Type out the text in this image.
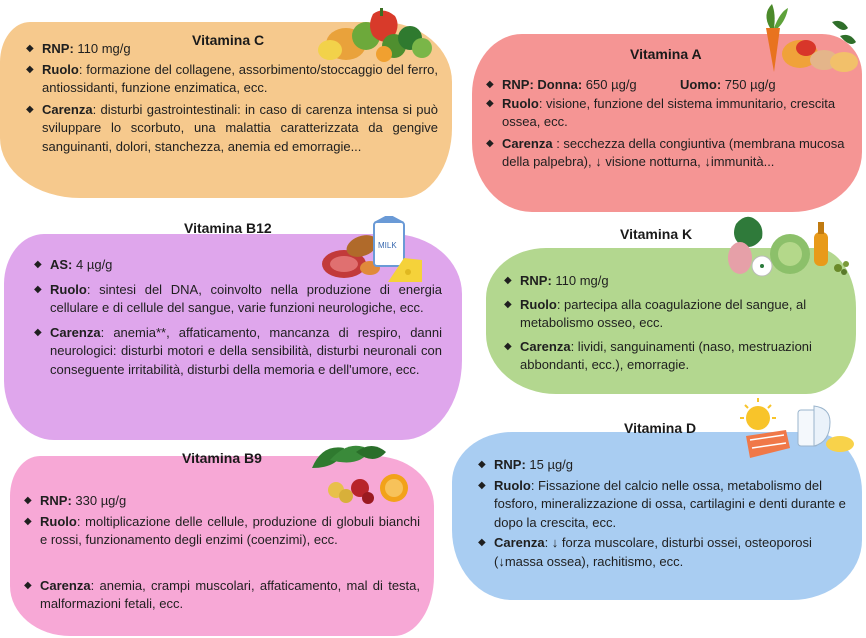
Vitamina C
◆ RNP: 110 mg/g
◆ Ruolo: formazione del collagene, assorbimento/stoccaggio del ferro, antiossidanti, funzione enzimatica, ecc.
◆ Carenza: disturbi gastrointestinali: in caso di carenza intensa si può sviluppare lo scorbuto, una malattia caratterizzata da gengive sanguinanti, dolori, stanchezza, anemia ed emorragie...
Vitamina A
◆ RNP: Donna: 650 µg/g	Uomo: 750 µg/g
◆ Ruolo: visione, funzione del sistema immunitario, crescita ossea, ecc.
◆ Carenza : secchezza della congiuntiva (membrana mucosa della palpebra), ↓ visione notturna, ↓immunità...
Vitamina B12
MILK
◆ AS: 4 µg/g
◆ Ruolo: sintesi del DNA, coinvolto nella produzione di energia cellulare e di cellule del sangue, varie funzioni neurologiche, ecc.
◆ Carenza: anemia**, affaticamento, mancanza di respiro, danni neurologici: disturbi motori e della sensibilità, disturbi neuronali con conseguente irritabilità, disturbi della memoria e dell'umore, ecc.
Vitamina K
◆ RNP: 110 mg/g
◆ Ruolo: partecipa alla coagulazione del sangue, al metabolismo osseo, ecc.
◆ Carenza: lividi, sanguinamenti (naso, mestruazioni abbondanti, ecc.), emorragie.
Vitamina B9
◆ RNP: 330 µg/g
◆ Ruolo: moltiplicazione delle cellule, produzione di globuli bianchi e rossi, funzionamento degli enzimi (coenzimi), ecc.
◆ Carenza: anemia, crampi muscolari, affaticamento, mal di testa, malformazioni fetali, ecc.
Vitamina D
◆ RNP: 15 µg/g
◆ Ruolo: Fissazione del calcio nelle ossa, metabolismo del fosforo, mineralizzazione di ossa, cartilagini e denti durante e dopo la crescita, ecc.
◆ Carenza: ↓ forza muscolare, disturbi ossei, osteoporosi (↓massa ossea), rachitismo, ecc.
